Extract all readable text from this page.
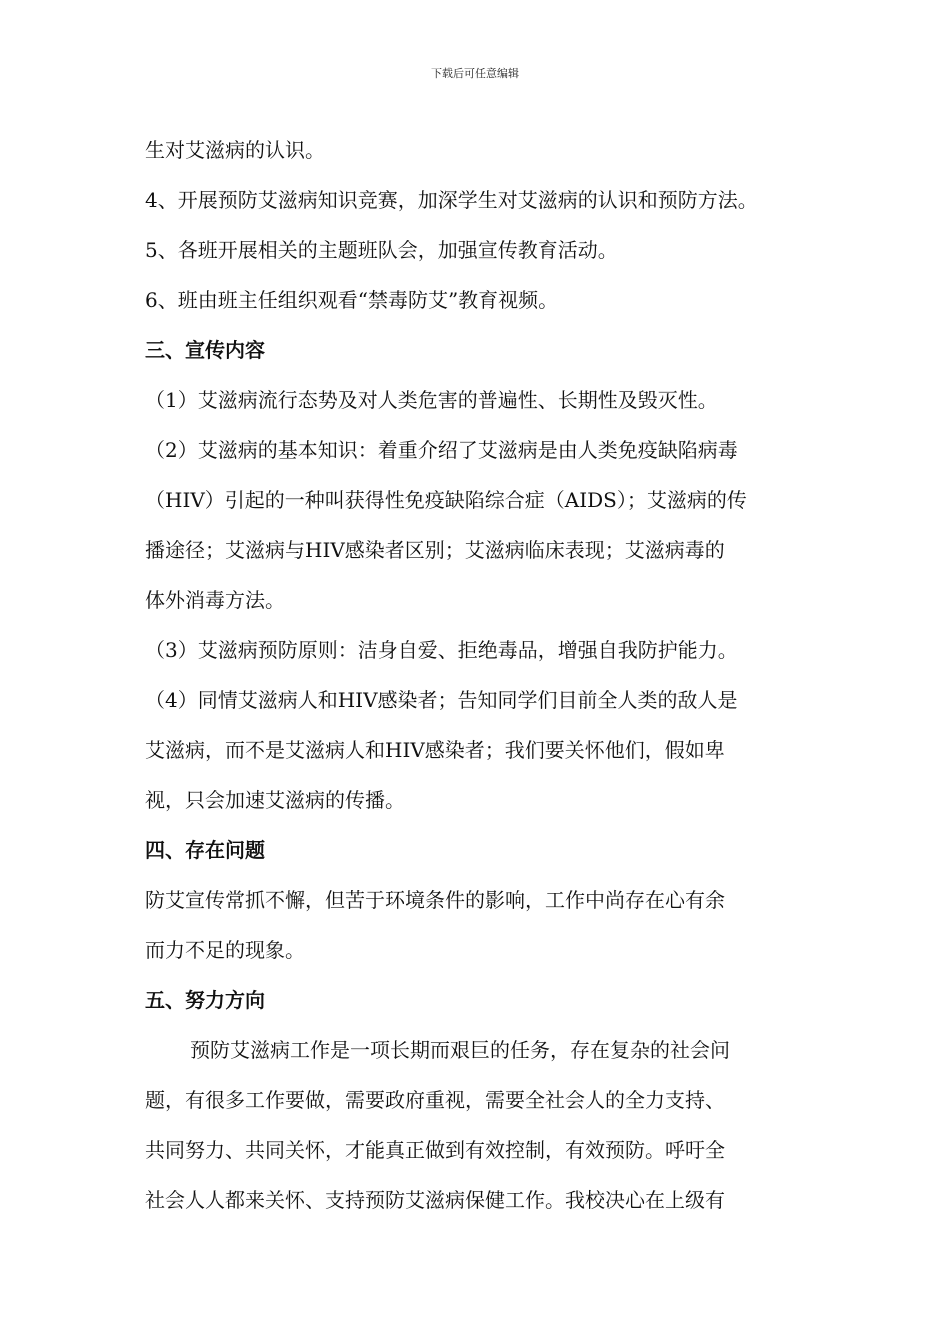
下载后可任意编辑
生对艾滋病的认识。
4、开展预防艾滋病知识竞赛，加深学生对艾滋病的认识和预防方法。
5、各班开展相关的主题班队会，加强宣传教育活动。
6、班由班主任组织观看“禁毒防艾”教育视频。
三、宣传内容
（1）艾滋病流行态势及对人类危害的普遍性、长期性及毁灭性。
（2）艾滋病的基本知识：着重介绍了艾滋病是由人类免疫缺陷病毒
（HIV）引起的一种叫获得性免疫缺陷综合症（AIDS）；艾滋病的传
播途径；艾滋病与HIV感染者区别；艾滋病临床表现；艾滋病毒的
体外消毒方法。
（3）艾滋病预防原则：洁身自爱、拒绝毒品，增强自我防护能力。
（4）同情艾滋病人和HIV感染者；告知同学们目前全人类的敌人是
艾滋病，而不是艾滋病人和HIV感染者；我们要关怀他们，假如卑
视，只会加速艾滋病的传播。
四、存在问题
防艾宣传常抓不懈，但苦于环境条件的影响，工作中尚存在心有余
而力不足的现象。
五、努力方向
预防艾滋病工作是一项长期而艰巨的任务，存在复杂的社会问
题，有很多工作要做，需要政府重视，需要全社会人的全力支持、
共同努力、共同关怀，才能真正做到有效控制，有效预防。呼吁全
社会人人都来关怀、支持预防艾滋病保健工作。我校决心在上级有
